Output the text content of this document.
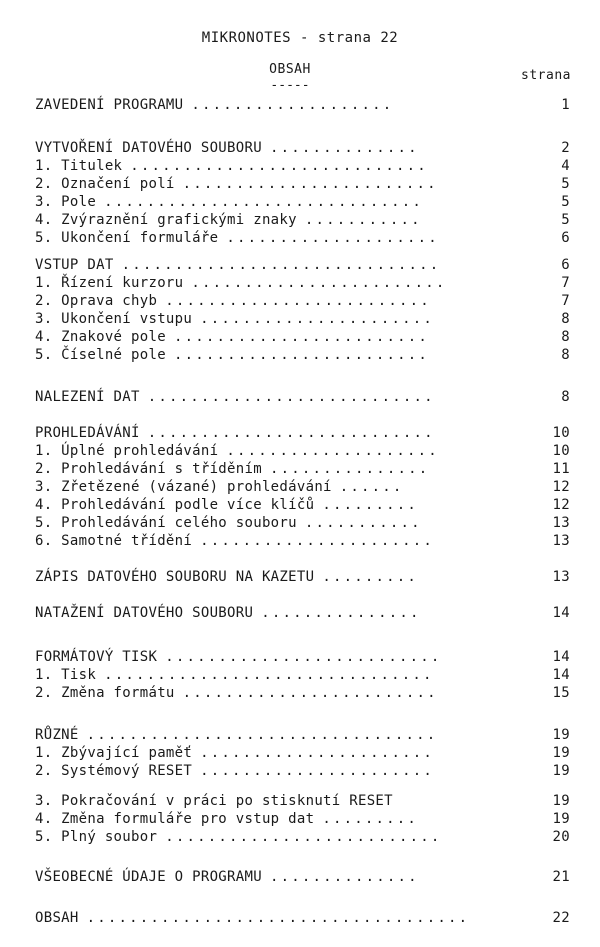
MIKRONOTES - strana 22
OBSAH
-----
strana
ZAVEDENÍ PROGRAMU ...................	1
VYTVOŘENÍ DATOVÉHO SOUBORU ..............	2
1. Titulek ............................	4
2. Označení polí ........................	5
3. Pole ..............................	5
4. Zvýraznění grafickými znaky ...........	5
5. Ukončení formuláře ....................	6
VSTUP DAT ..............................	6
1. Řízení kurzoru ........................	7
2. Oprava chyb .........................	7
3. Ukončení vstupu ......................	8
4. Znakové pole ........................	8
5. Číselné pole ........................	8
NALEZENÍ DAT ...........................	8
PROHLEDÁVÁNÍ ...........................	10
1. Úplné prohledávání ....................	10
2. Prohledávání s tříděním ...............	11
3. Zřetězené (vázané) prohledávání ......	12
4. Prohledávání podle více klíčů .........	12
5. Prohledávání celého souboru ...........	13
6. Samotné třídění ......................	13
ZÁPIS DATOVÉHO SOUBORU NA KAZETU .........	13
NATAŽENÍ DATOVÉHO SOUBORU ...............	14
FORMÁTOVÝ TISK ..........................	14
1. Tisk ...............................	14
2. Změna formátu ........................	15
RŮZNÉ .................................	19
1. Zbývající paměť ......................	19
2. Systémový RESET ......................	19
3. Pokračování v práci po stisknutí RESET	19
4. Změna formuláře pro vstup dat .........	19
5. Plný soubor ..........................	20
VŠEOBECNÉ ÚDAJE O PROGRAMU ..............	21
OBSAH ....................................	22
